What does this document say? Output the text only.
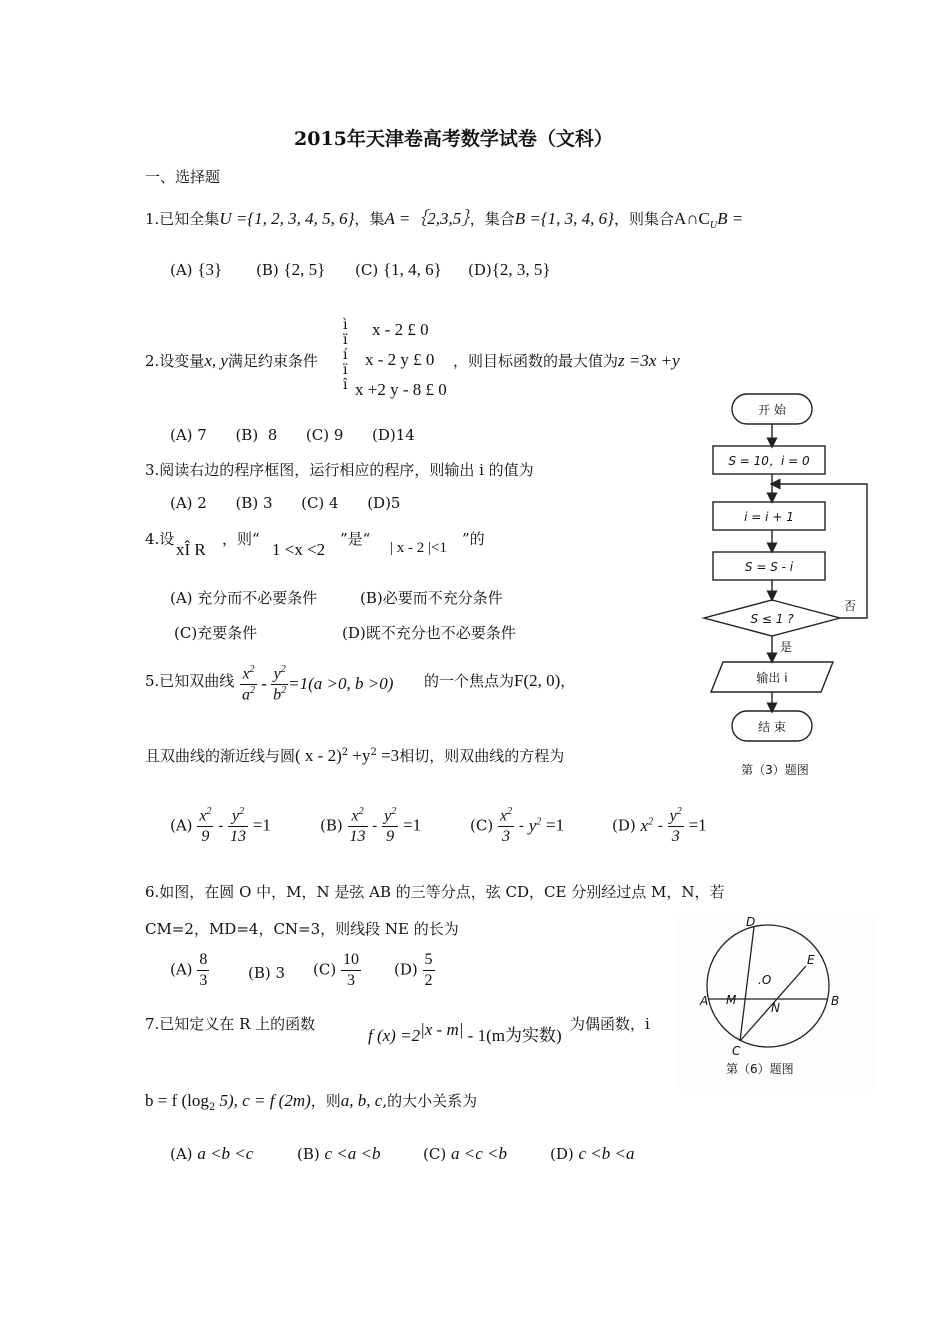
2015年天津卷高考数学试卷（文科）
一、选择题
1.已知全集U ={1, 2, 3, 4, 5, 6}，集A =｛2,3,5｝，集合B ={1, 3, 4, 6}，则集合$A\cap C_UB$ =
(A) {3} (B) {2, 5} (C) {1, 4, 6} (D){2, 3, 5}
ì
ï
í
ï
î
x - 2 £ 0
x - 2 y £ 0
x +2 y - 8 £ 0
2.设变量x, y满足约束条件	，则目标函数的最大值为z =3x +y
(A) 7      (B)  8      (C) 9      (D)14
3.阅读右边的程序框图，运行相应的程序，则输出 i 的值为
(A) 2      (B) 3      (C) 4      (D)5
4.设
xÎ R
，则“
1 <x <2
”是“ | x - 2 |<1 ”的
(A) 充分而不必要条件	(B)必要而不充分条件
(C)充要条件	(D)既不充分也不必要条件
5.已知双曲线 $\frac{x^2}{a^2} - \frac{y^2}{b^2} =1(a >0$, b >0) 的一个焦点为F(2, 0)，
且双曲线的渐近线与圆( $x - 2)^2 +y^2 =3$相切，则双曲线的方程为
$(A) \frac{x^2}{9} - \frac{y^2}{13} =1$	$(B) \frac{x^2}{13} - \frac{y^2}{9} =1$	$(C) \frac{x^2}{3} - y^2 =1$	(D) $x^2 - \frac{y^2}{3} =1$
6.如图，在圆 O 中，M，N 是弦 AB 的三等分点，弦 CD，CE 分别经过点 M，N，若
CM=2，MD=4，CN=3，则线段 NE 的长为
$(A) \frac{8}{3}$	(B) 3 $(C) \frac{10}{3} (D) \frac{5}{2}$
7.已知定义在 R 上的函数
f $(x) =2^{|x - m|} - 1(m$为实数)
为偶函数，i
b = f ($\log_2$ 5), c = f (2m)，则a, b, c,的大小关系为
(A) a <b <c	(B) c <a <b	(C) a <c <b	(D) c <b <a
开 始
S = 10，i = 0
i = i + 1
S = S - i
S ≤ 1 ?
否
是
输出 i
结 束
第（3）题图
D
E
.O
A M
N	B
C
第（6）题图
